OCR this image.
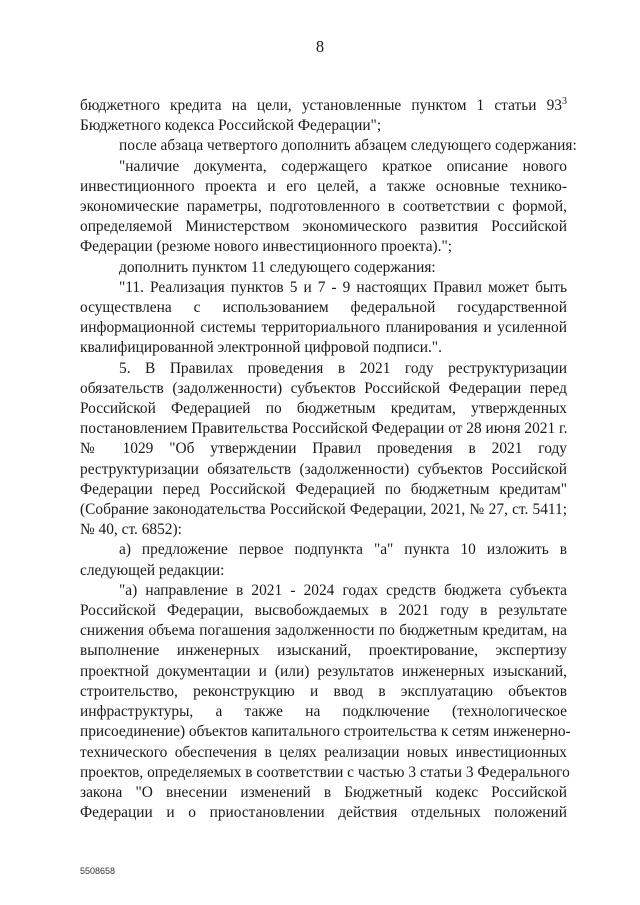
8
бюджетного кредита на цели, установленные пунктом 1 статьи $93^3$
Бюджетного кодекса Российской Федерации";
после абзаца четвертого дополнить абзацем следующего содержания:
"наличие документа, содержащего краткое описание нового
инвестиционного проекта и его целей, а также основные технико-
экономические параметры, подготовленного в соответствии с формой,
определяемой Министерством экономического развития Российской
Федерации (резюме нового инвестиционного проекта).";
дополнить пунктом 11 следующего содержания:
"11. Реализация пунктов 5 и 7 - 9 настоящих Правил может быть
осуществлена с использованием федеральной государственной
информационной системы территориального планирования и усиленной
квалифицированной электронной цифровой подписи.".
5. В Правилах проведения в 2021 году реструктуризации
обязательств (задолженности) субъектов Российской Федерации перед
Российской Федерацией по бюджетным кредитам, утвержденных
постановлением Правительства Российской Федерации от 28 июня 2021 г.
№ 1029 "Об утверждении Правил проведения в 2021 году
реструктуризации обязательств (задолженности) субъектов Российской
Федерации перед Российской Федерацией по бюджетным кредитам"
(Собрание законодательства Российской Федерации, 2021, № 27, ст. 5411;
№ 40, ст. 6852):
а) предложение первое подпункта "а" пункта 10 изложить в
следующей редакции:
"а) направление в 2021 - 2024 годах средств бюджета субъекта
Российской Федерации, высвобождаемых в 2021 году в результате
снижения объема погашения задолженности по бюджетным кредитам, на
выполнение инженерных изысканий, проектирование, экспертизу
проектной документации и (или) результатов инженерных изысканий,
строительство, реконструкцию и ввод в эксплуатацию объектов
инфраструктуры, а также на подключение (технологическое
присоединение) объектов капитального строительства к сетям инженерно-
технического обеспечения в целях реализации новых инвестиционных
проектов, определяемых в соответствии с частью 3 статьи 3 Федерального
закона "О внесении изменений в Бюджетный кодекс Российской
Федерации и о приостановлении действия отдельных положений
5508658
